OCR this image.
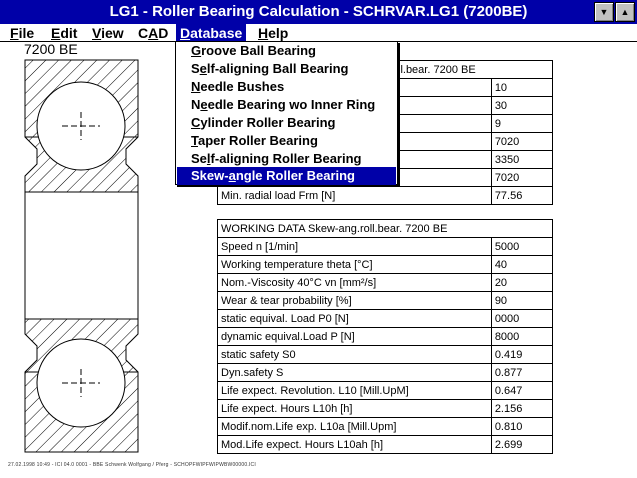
LG1 - Roller Bearing Calculation - SCHRVAR.LG1 (7200BE)	▼	▲
File Edit View CAD Database Help
7200 BE
ll.bear. 7200 BE	
	10
	30
	9
	7020
	3350
	7020
Min. radial load Frm [N]	77.56
WORKING DATA Skew-ang.roll.bear. 7200 BE	
Speed n [1/min]	5000
Working temperature theta [°C]	40
Nom.-Viscosity 40°C vn [mm²/s]	20
Wear & tear probability [%]	90
static equival. Load P0 [N]	0000
dynamic equival.Load P [N]	8000
static safety S0	0.419
Dyn.safety S	0.877
Life expect. Revolution. L10 [Mill.UpM]	0.647
Life expect. Hours L10h [h]	2.156
Modif.nom.Life exp. L10a [Mill.Upm]	0.810
Mod.Life expect. Hours L10ah [h]	2.699
Groove Ball Bearing
Self-aligning Ball Bearing
Needle Bushes
Needle Bearing wo Inner Ring
Cylinder Roller Bearing
Taper Roller Bearing
Self-aligning Roller Bearing
Skew-angle Roller Bearing
27.02.1998 10:49 - ICI 04.0 0001 - BBE Schwenk Wolfgang / Pferg - SCHOPFWIPFWIPWBW00000.ICI
